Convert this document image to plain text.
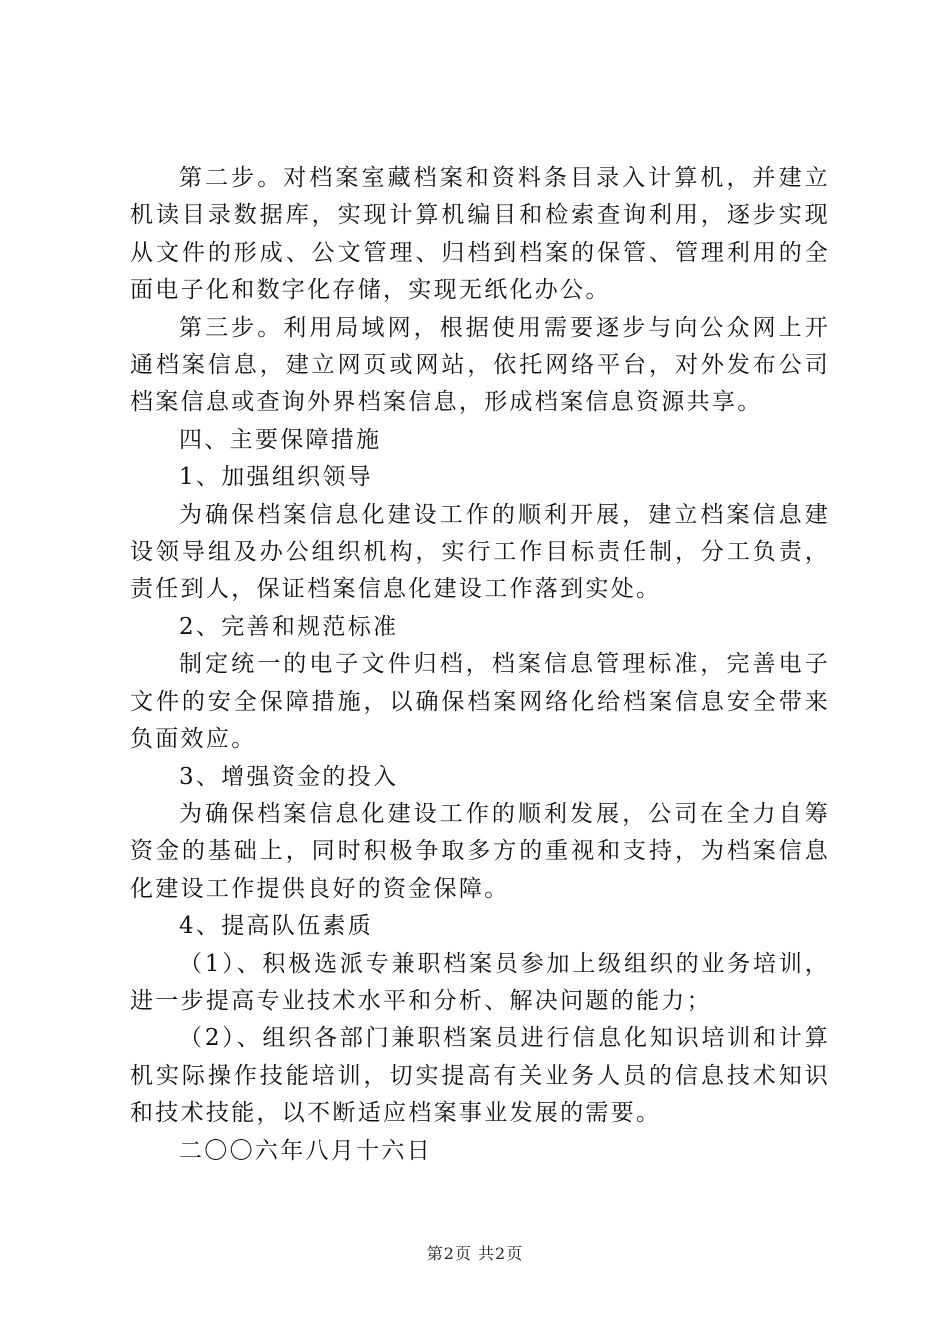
第二步。对档案室藏档案和资料条目录入计算机，并建立机读目录数据库，实现计算机编目和检索查询利用，逐步实现从文件的形成、公文管理、归档到档案的保管、管理利用的全面电子化和数字化存储，实现无纸化办公。

第三步。利用局域网，根据使用需要逐步与向公众网上开通档案信息，建立网页或网站，依托网络平台，对外发布公司档案信息或查询外界档案信息，形成档案信息资源共享。

四、主要保障措施

1、加强组织领导

为确保档案信息化建设工作的顺利开展，建立档案信息建设领导组及办公组织机构，实行工作目标责任制，分工负责，责任到人，保证档案信息化建设工作落到实处。

2、完善和规范标准

制定统一的电子文件归档，档案信息管理标准，完善电子文件的安全保障措施，以确保档案网络化给档案信息安全带来负面效应。

3、增强资金的投入

为确保档案信息化建设工作的顺利发展，公司在全力自筹资金的基础上，同时积极争取多方的重视和支持，为档案信息化建设工作提供良好的资金保障。

4、提高队伍素质

（1）、积极选派专兼职档案员参加上级组织的业务培训，进一步提高专业技术水平和分析、解决问题的能力；

（2）、组织各部门兼职档案员进行信息化知识培训和计算机实际操作技能培训，切实提高有关业务人员的信息技术知识和技术技能，以不断适应档案事业发展的需要。

二〇〇六年八月十六日

第2页 共2页
